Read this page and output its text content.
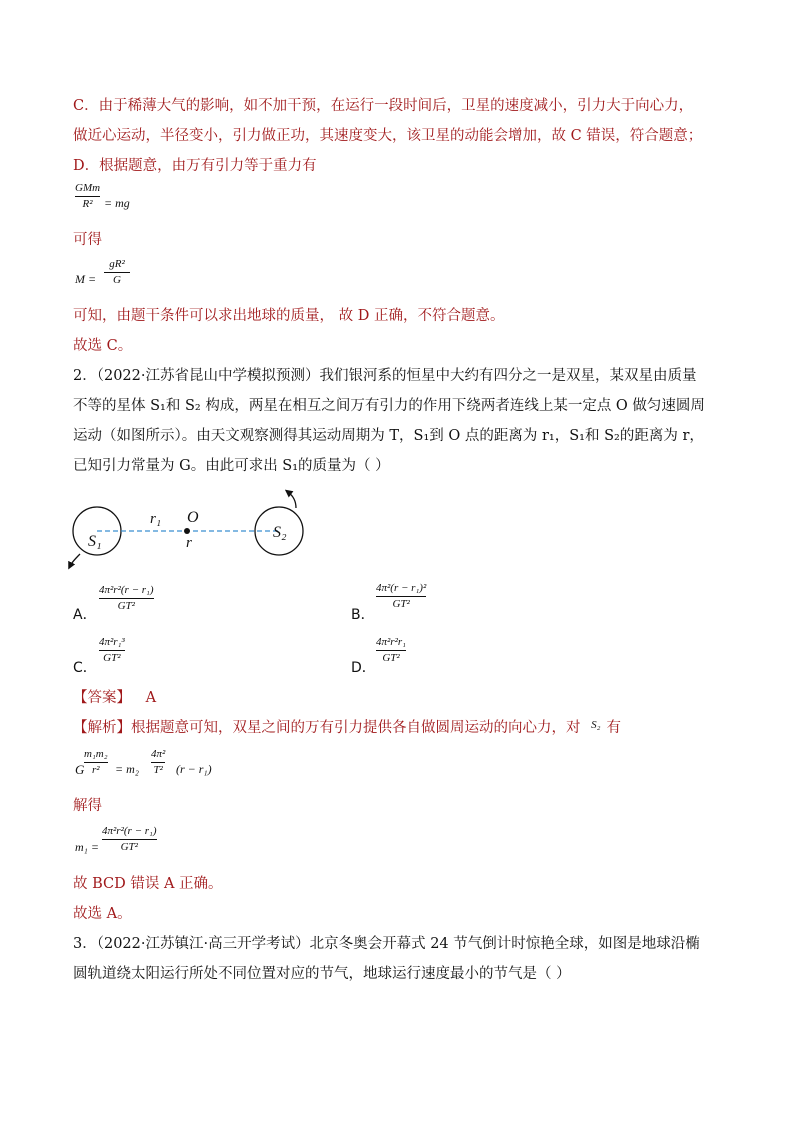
C．由于稀薄大气的影响，如不加干预，在运行一段时间后，卫星的速度减小，引力大于向心力，
做近心运动，半径变小，引力做正功，其速度变大，该卫星的动能会增加，故 C 错误，符合题意；
D．根据题意，由万有引力等于重力有
GMm
R² = mg
可得
M =
gR²
G
可知，由题干条件可以求出地球的质量， 故 D 正确，不符合题意。
故选 C。
2．（2022·江苏省昆山中学模拟预测）我们银河系的恒星中大约有四分之一是双星，某双星由质量
不等的星体 S₁和 S₂ 构成，两星在相互之间万有引力的作用下绕两者连线上某一定点 O 做匀速圆周
运动（如图所示）。由天文观察测得其运动周期为 T，S₁到 O 点的距离为 r₁，S₁和 S₂的距离为 r，
已知引力常量为 G。由此可求出 S₁的质量为（ ）
r₁ O
r
S₁
S₂
A．
4π²r²(r − r₁)
GT²
B．
4π²(r − r₁)²
GT²
C．
4π²r₁³
GT²
D．
4π²r²r₁
GT²
【答案】 A
【解析】根据题意可知，双星之间的万有引力提供各自做圆周运动的向心力，对 $^{S_2}$ 有
G
m₁m₂
r²	= m₂
4π²
T² (r − r₁)
解得
m₁ =
4π²r²(r − r₁)
GT²
故 BCD 错误 A 正确。
故选 A。
3．（2022·江苏镇江·高三开学考试）北京冬奥会开幕式 24 节气倒计时惊艳全球，如图是地球沿椭
圆轨道绕太阳运行所处不同位置对应的节气，地球运行速度最小的节气是（ ）
